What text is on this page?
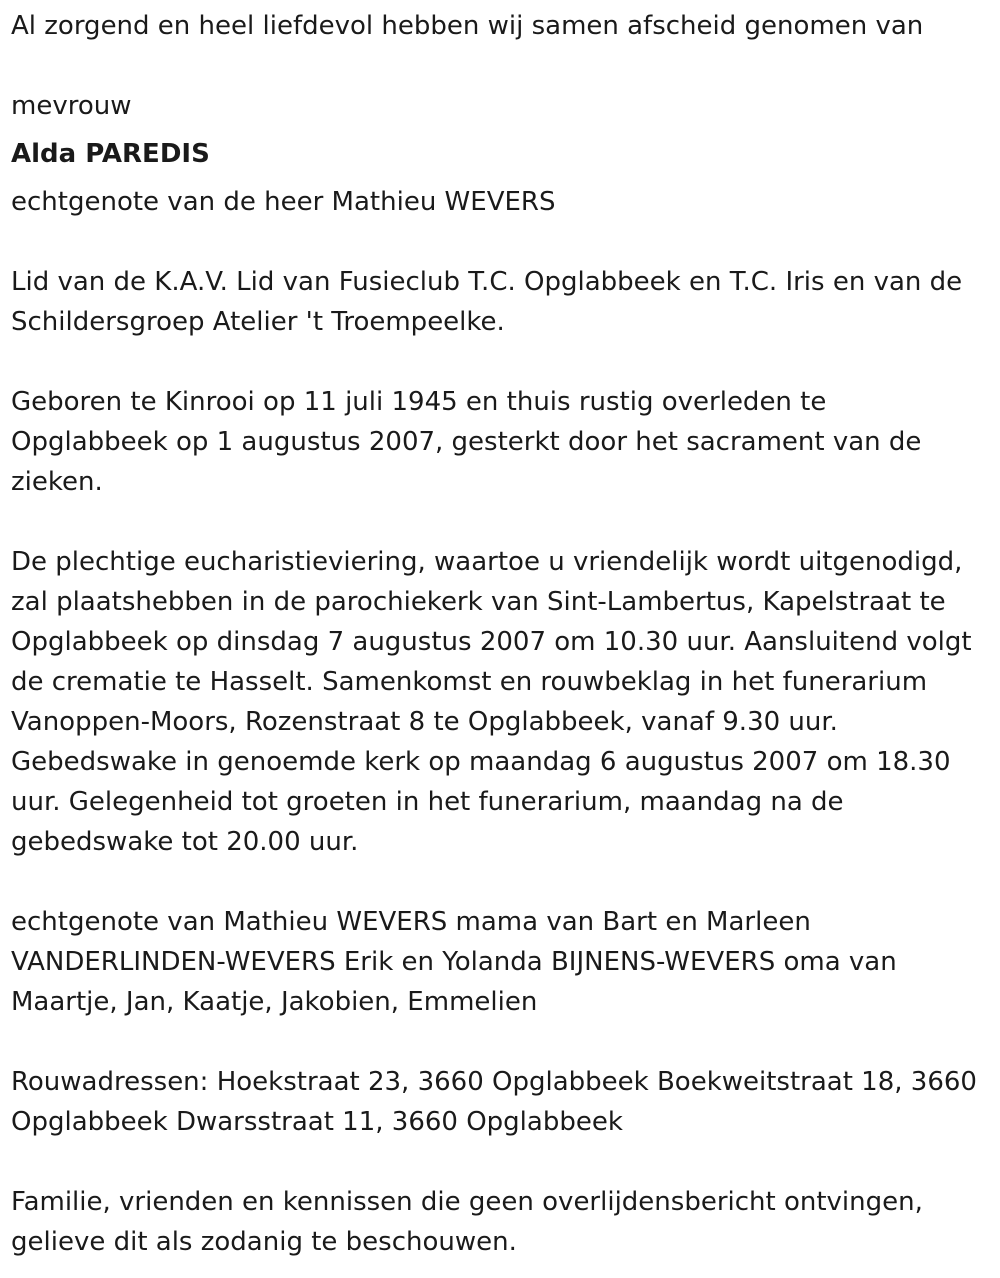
Al zorgend en heel liefdevol hebben wij samen afscheid genomen van

mevrouw

Alda PAREDIS

echtgenote van de heer Mathieu WEVERS

Lid van de K.A.V. Lid van Fusieclub T.C. Opglabbeek en T.C. Iris en van de Schildersgroep Atelier 't Troempeelke.

Geboren te Kinrooi op 11 juli 1945 en thuis rustig overleden te Opglabbeek op 1 augustus 2007, gesterkt door het sacrament van de zieken.

De plechtige eucharistieviering, waartoe u vriendelijk wordt uitgenodigd, zal plaatshebben in de parochiekerk van Sint-Lambertus, Kapelstraat te Opglabbeek op dinsdag 7 augustus 2007 om 10.30 uur. Aansluitend volgt de crematie te Hasselt. Samenkomst en rouwbeklag in het funerarium Vanoppen-Moors, Rozenstraat 8 te Opglabbeek, vanaf 9.30 uur. Gebedswake in genoemde kerk op maandag 6 augustus 2007 om 18.30 uur. Gelegenheid tot groeten in het funerarium, maandag na de gebedswake tot 20.00 uur.

echtgenote van Mathieu WEVERS mama van Bart en Marleen VANDERLINDEN-WEVERS Erik en Yolanda BIJNENS-WEVERS oma van Maartje, Jan, Kaatje, Jakobien, Emmelien

Rouwadressen: Hoekstraat 23, 3660 Opglabbeek Boekweitstraat 18, 3660 Opglabbeek Dwarsstraat 11, 3660 Opglabbeek

Familie, vrienden en kennissen die geen overlijdensbericht ontvingen, gelieve dit als zodanig te beschouwen.
